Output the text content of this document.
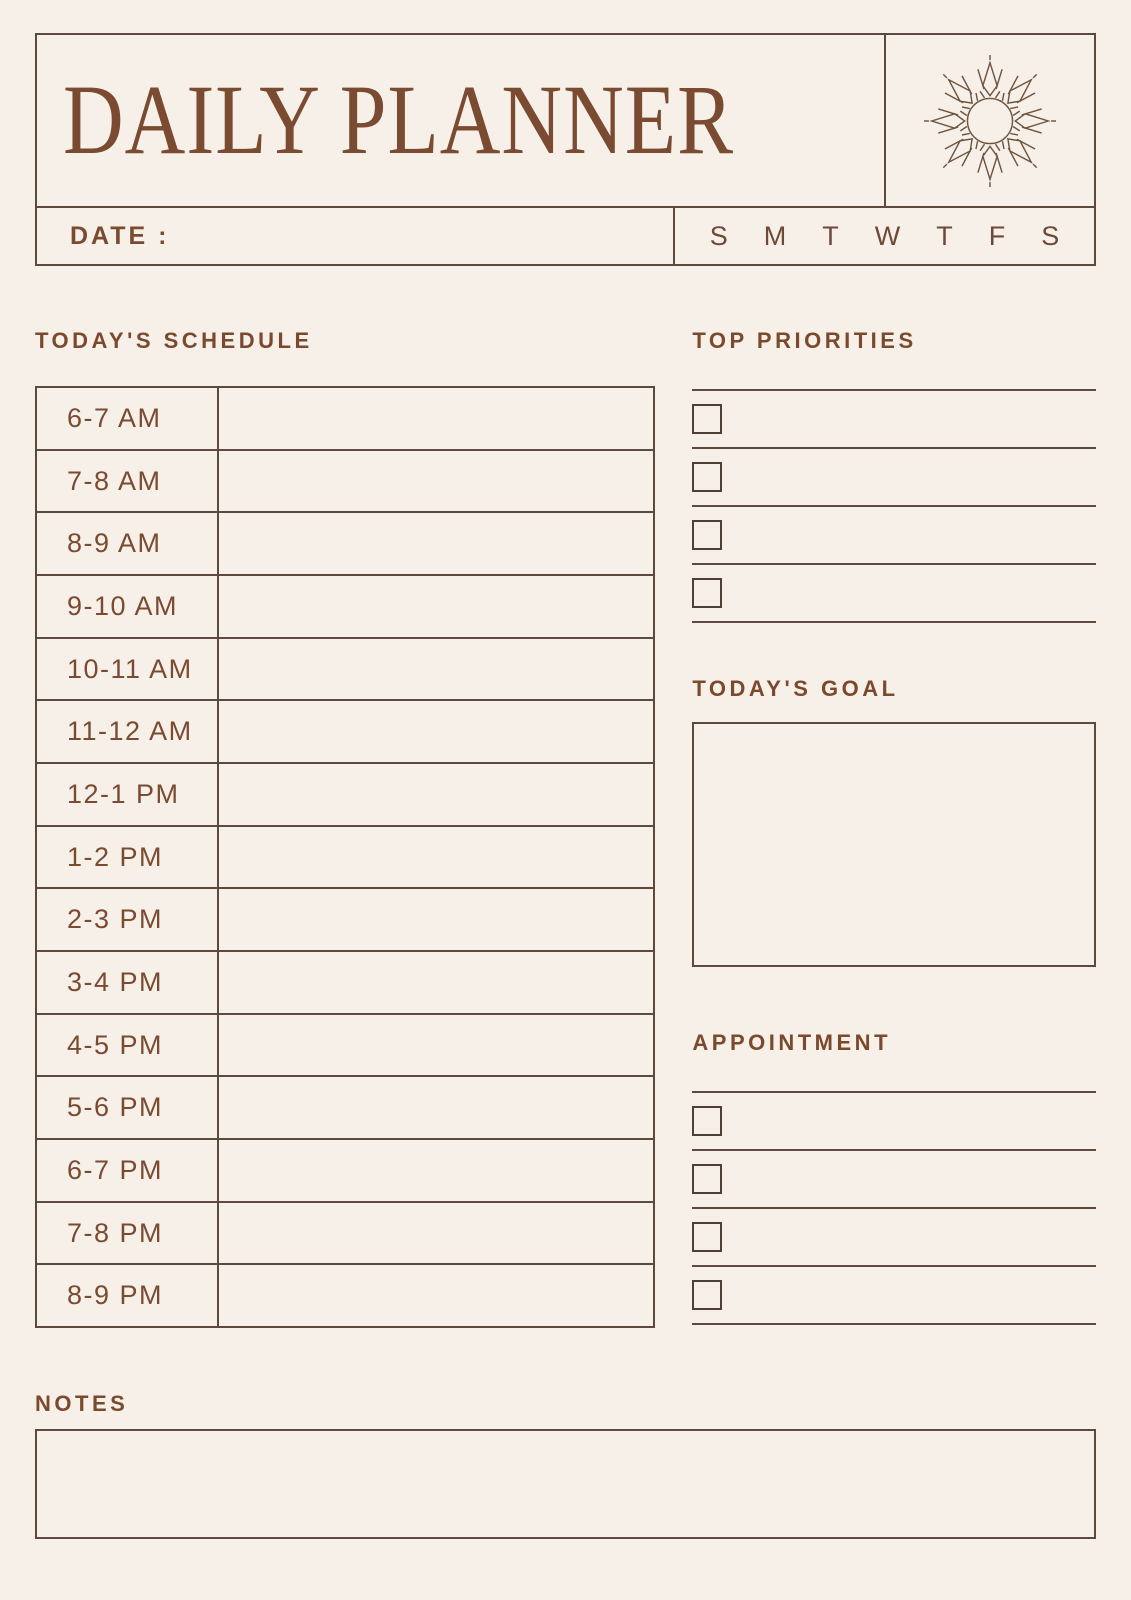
DAILY PLANNER
DATE :	S M T W T F S
TODAY'S SCHEDULE
6-7 AM
7-8 AM
8-9 AM
9-10 AM
10-11 AM
11-12 AM
12-1 PM
1-2 PM
2-3 PM
3-4 PM
4-5 PM
5-6 PM
6-7 PM
7-8 PM
8-9 PM
TOP PRIORITIES
TODAY'S GOAL
APPOINTMENT
NOTES
